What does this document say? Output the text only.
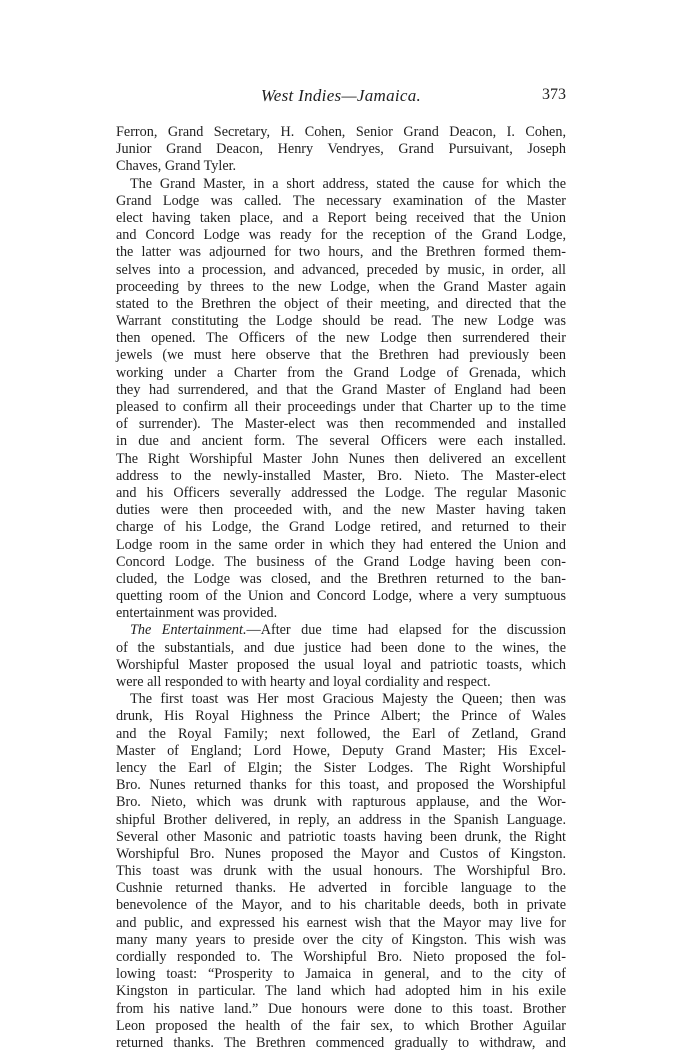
West Indies—Jamaica.	373
Ferron, Grand Secretary, H. Cohen, Senior Grand Deacon, I. Cohen,
Junior Grand Deacon, Henry Vendryes, Grand Pursuivant, Joseph
Chaves, Grand Tyler.
The Grand Master, in a short address, stated the cause for which the
Grand Lodge was called. The necessary examination of the Master
elect having taken place, and a Report being received that the Union
and Concord Lodge was ready for the reception of the Grand Lodge,
the latter was adjourned for two hours, and the Brethren formed them-
selves into a procession, and advanced, preceded by music, in order, all
proceeding by threes to the new Lodge, when the Grand Master again
stated to the Brethren the object of their meeting, and directed that the
Warrant constituting the Lodge should be read. The new Lodge was
then opened. The Officers of the new Lodge then surrendered their
jewels (we must here observe that the Brethren had previously been
working under a Charter from the Grand Lodge of Grenada, which
they had surrendered, and that the Grand Master of England had been
pleased to confirm all their proceedings under that Charter up to the time
of surrender). The Master-elect was then recommended and installed
in due and ancient form. The several Officers were each installed.
The Right Worshipful Master John Nunes then delivered an excellent
address to the newly-installed Master, Bro. Nieto. The Master-elect
and his Officers severally addressed the Lodge. The regular Masonic
duties were then proceeded with, and the new Master having taken
charge of his Lodge, the Grand Lodge retired, and returned to their
Lodge room in the same order in which they had entered the Union and
Concord Lodge. The business of the Grand Lodge having been con-
cluded, the Lodge was closed, and the Brethren returned to the ban-
quetting room of the Union and Concord Lodge, where a very sumptuous
entertainment was provided.
The Entertainment.—After due time had elapsed for the discussion
of the substantials, and due justice had been done to the wines, the
Worshipful Master proposed the usual loyal and patriotic toasts, which
were all responded to with hearty and loyal cordiality and respect.
The first toast was Her most Gracious Majesty the Queen; then was
drunk, His Royal Highness the Prince Albert; the Prince of Wales
and the Royal Family; next followed, the Earl of Zetland, Grand
Master of England; Lord Howe, Deputy Grand Master; His Excel-
lency the Earl of Elgin; the Sister Lodges. The Right Worshipful
Bro. Nunes returned thanks for this toast, and proposed the Worshipful
Bro. Nieto, which was drunk with rapturous applause, and the Wor-
shipful Brother delivered, in reply, an address in the Spanish Language.
Several other Masonic and patriotic toasts having been drunk, the Right
Worshipful Bro. Nunes proposed the Mayor and Custos of Kingston.
This toast was drunk with the usual honours. The Worshipful Bro.
Cushnie returned thanks. He adverted in forcible language to the
benevolence of the Mayor, and to his charitable deeds, both in private
and public, and expressed his earnest wish that the Mayor may live for
many many years to preside over the city of Kingston. This wish was
cordially responded to. The Worshipful Bro. Nieto proposed the fol-
lowing toast: “Prosperity to Jamaica in general, and to the city of
Kingston in particular. The land which had adopted him in his exile
from his native land.” Due honours were done to this toast. Brother
Leon proposed the health of the fair sex, to which Brother Aguilar
returned thanks. The Brethren commenced gradually to withdraw, and
